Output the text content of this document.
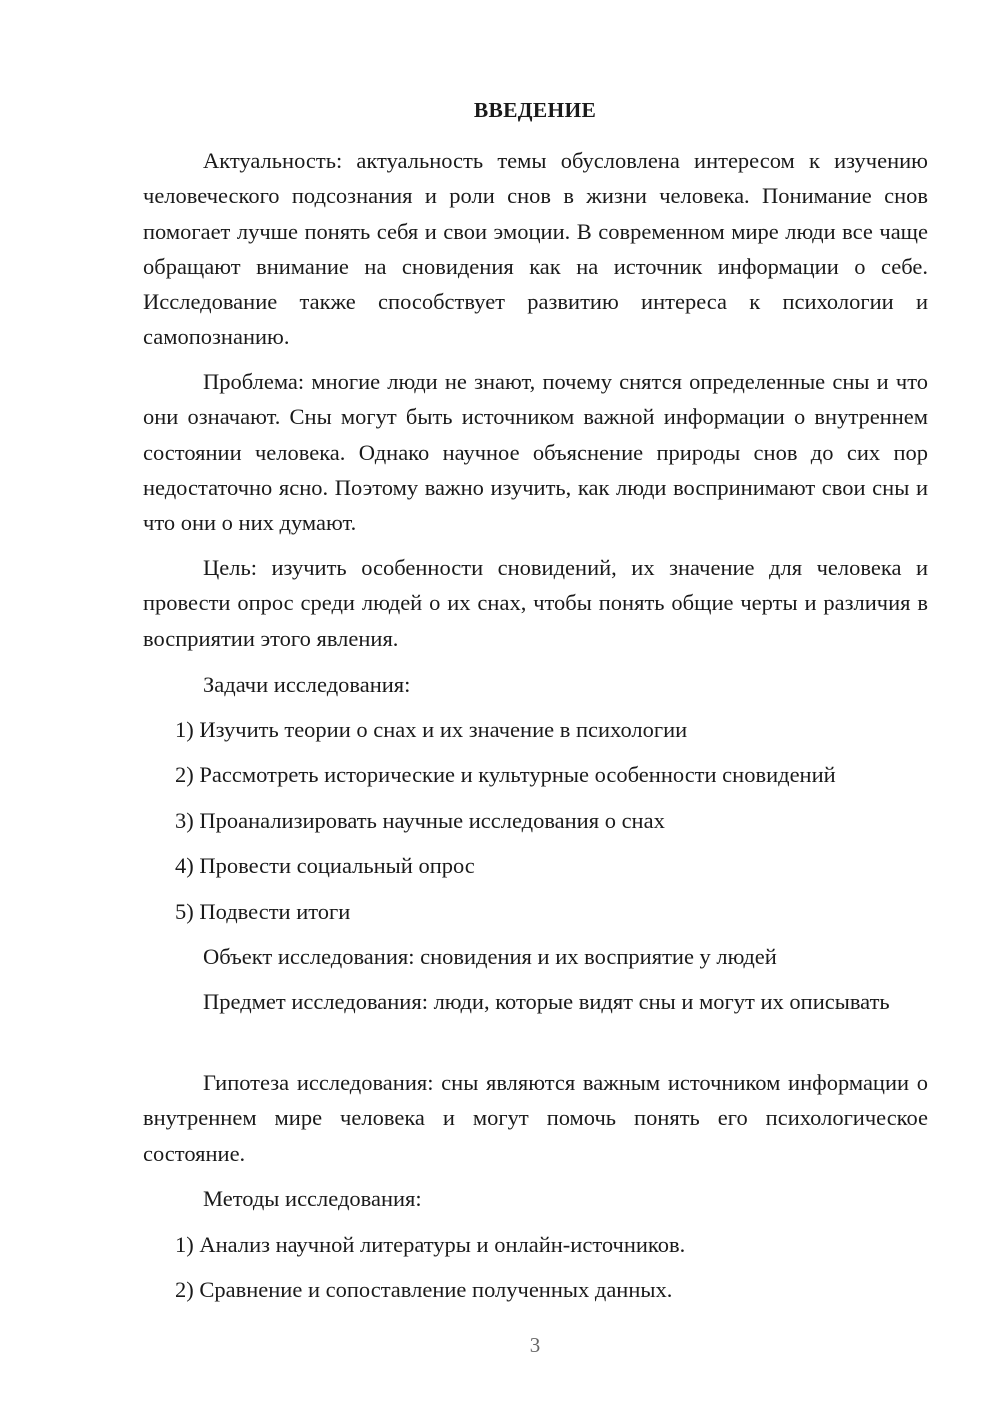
ВВЕДЕНИЕ

Актуальность: актуальность темы обусловлена интересом к изучению человеческого подсознания и роли снов в жизни человека. Понимание снов помогает лучше понять себя и свои эмоции. В современном мире люди все чаще обращают внимание на сновидения как на источник информации о себе. Исследование также способствует развитию интереса к психологии и самопознанию.

Проблема: многие люди не знают, почему снятся определенные сны и что они означают. Сны могут быть источником важной информации о внутреннем состоянии человека. Однако научное объяснение природы снов до сих пор недостаточно ясно. Поэтому важно изучить, как люди воспринимают свои сны и что они о них думают.

Цель: изучить особенности сновидений, их значение для человека и провести опрос среди людей о их снах, чтобы понять общие черты и различия в восприятии этого явления.

Задачи исследования:

1) Изучить теории о снах и их значение в психологии
2) Рассмотреть исторические и культурные особенности сновидений
3) Проанализировать научные исследования о снах
4) Провести социальный опрос
5) Подвести итоги

Объект исследования: сновидения и их восприятие у людей

Предмет исследования: люди, которые видят сны и могут их описывать

Гипотеза исследования: сны являются важным источником информации о внутреннем мире человека и могут помочь понять его психологическое состояние.

Методы исследования:

1) Анализ научной литературы и онлайн-источников.
2) Сравнение и сопоставление полученных данных.
3
